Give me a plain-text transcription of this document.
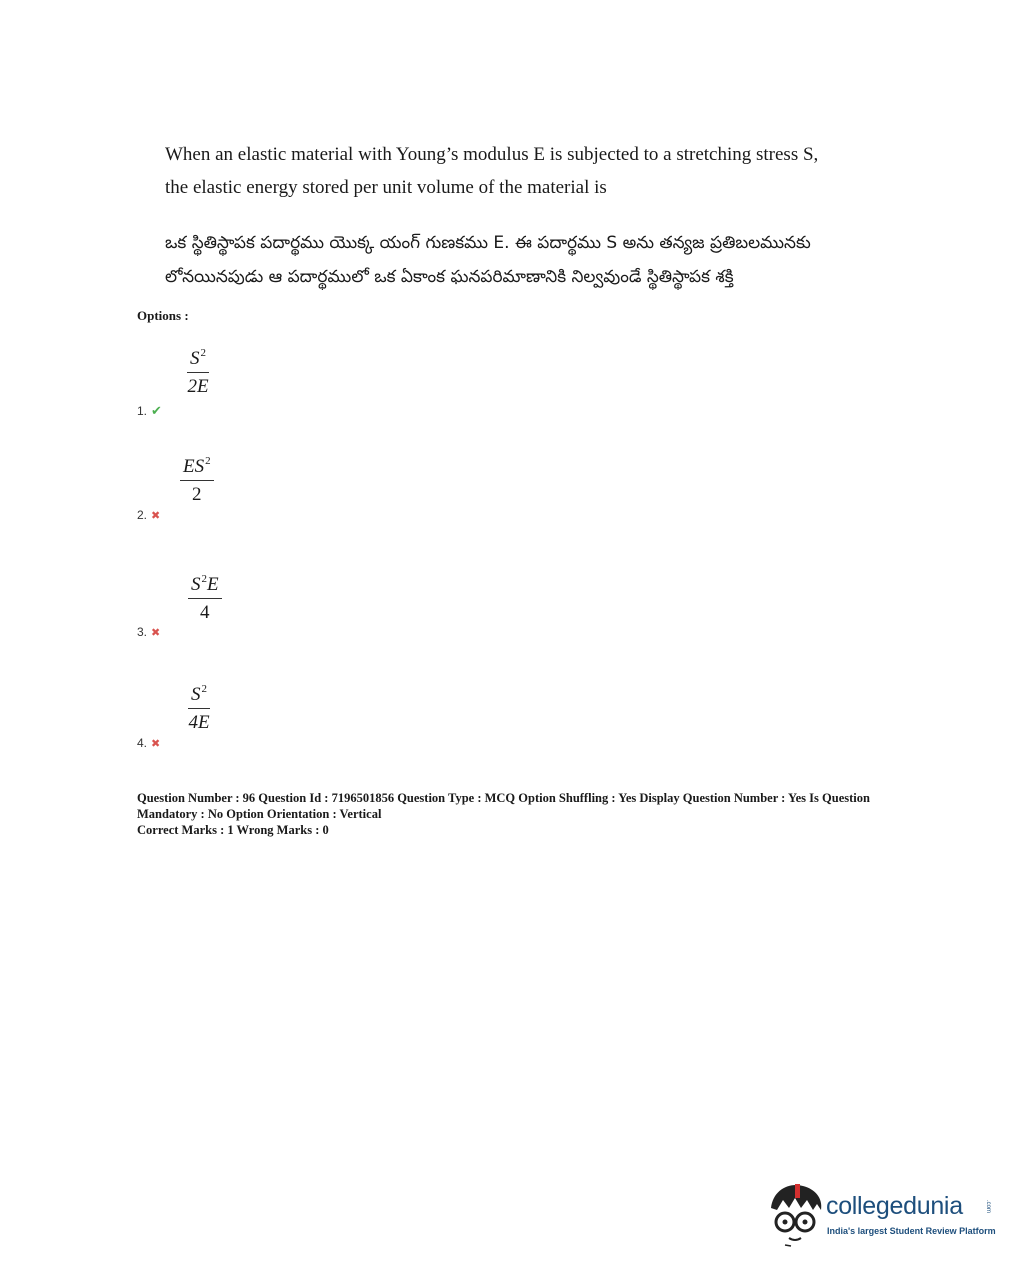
When an elastic material with Young’s modulus E is subjected to a stretching stress S,
the elastic energy stored per unit volume of the material is
ఒక స్థితిస్థాపక పదార్థము యొక్క యంగ్ గుణకము E. ఈ పదార్థము S అను తన్యజ ప్రతిబలమునకు
లోనయినపుడు ఆ పదార్థములో ఒక ఏకాంక ఘనపరిమాణానికి నిల్వవుండే స్థితిస్థాపక శక్తి
Options :
$\frac{S^2}{2E}$
1. ✔
$\frac{ES^2}{2}$
2. ✖
$\frac{S^2E}{4}$
3. ✖
$\frac{S^2}{4E}$
4. ✖
Question Number : 96 Question Id : 7196501856 Question Type : MCQ Option Shuffling : Yes Display Question Number : Yes Is Question
Mandatory : No Option Orientation : Vertical
Correct Marks : 1 Wrong Marks : 0
collegedunia	.com
India's largest Student Review Platform
